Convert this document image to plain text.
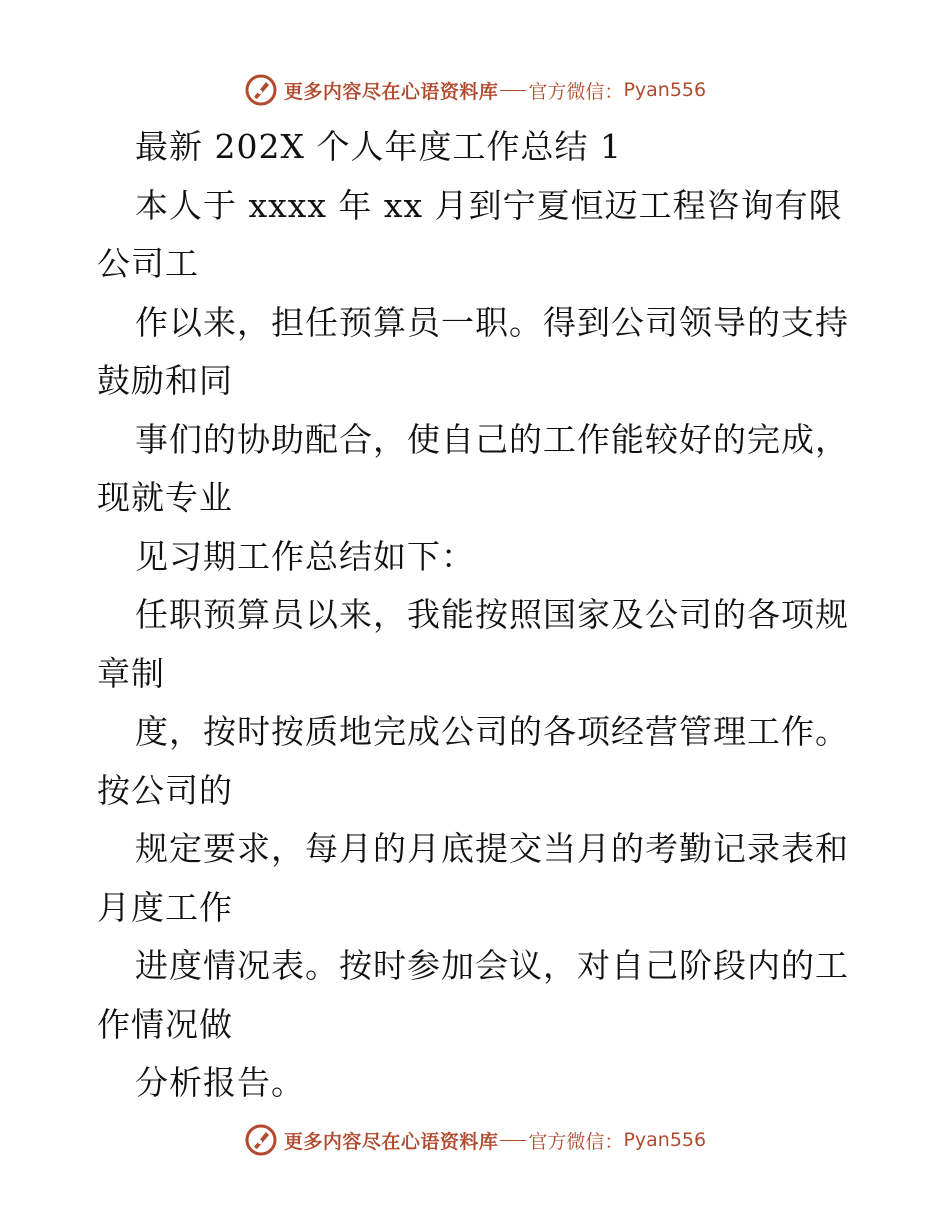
更多内容尽在心语资料库 官方微信： Pyan556
最新 202X 个人年度工作总结 1
本人于 xxxx 年 xx 月到宁夏恒迈工程咨询有限
公司工
作以来，担任预算员一职。得到公司领导的支持
鼓励和同
事们的协助配合，使自己的工作能较好的完成，
现就专业
见习期工作总结如下：
任职预算员以来，我能按照国家及公司的各项规
章制
度，按时按质地完成公司的各项经营管理工作。
按公司的
规定要求，每月的月底提交当月的考勤记录表和
月度工作
进度情况表。按时参加会议，对自己阶段内的工
作情况做
分析报告。
更多内容尽在心语资料库 官方微信： Pyan556
